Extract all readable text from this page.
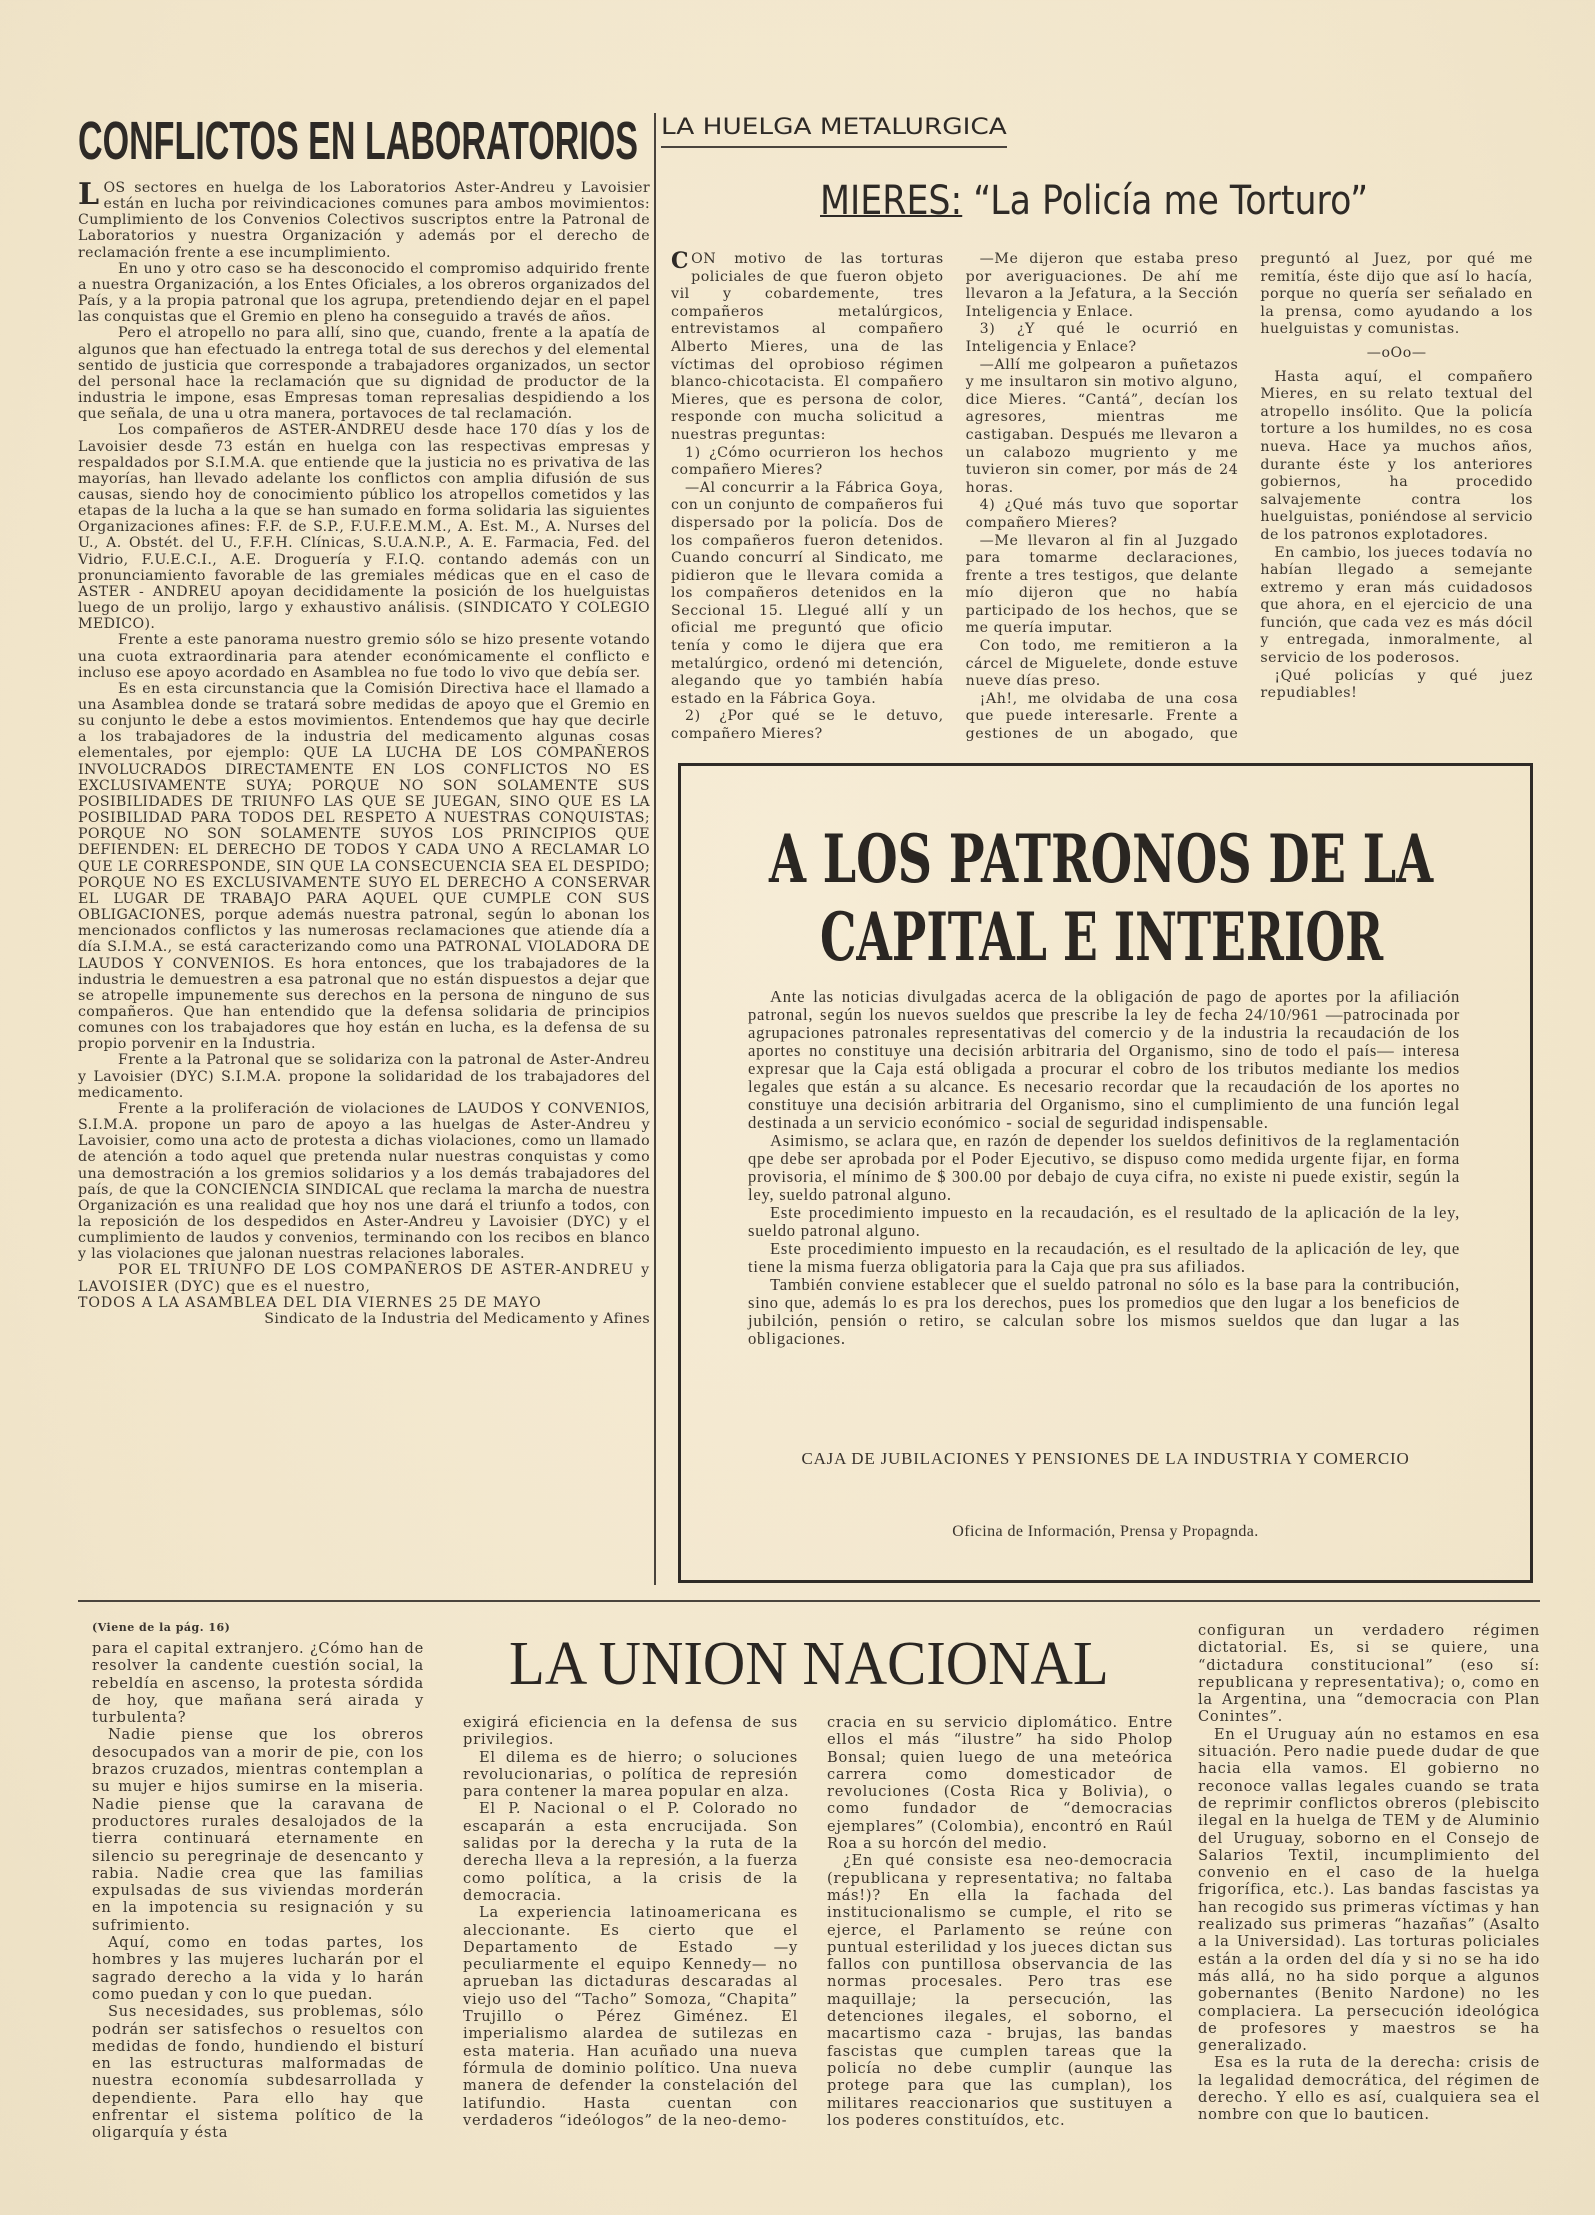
CONFLICTOS EN LABORATORIOS

LOS sectores en huelga de los Laboratorios Aster-Andreu y Lavoisier están en lucha por reivindicaciones comunes para ambos movimientos: Cumplimiento de los Convenios Colectivos suscriptos entre la Patronal de Laboratorios y nuestra Organización y además por el derecho de reclamación frente a ese incumplimiento.

En uno y otro caso se ha desconocido el compromiso adquirido frente a nuestra Organización, a los Entes Oficiales, a los obreros organizados del País, y a la propia patronal que los agrupa, pretendiendo dejar en el papel las conquistas que el Gremio en pleno ha conseguido a través de años.

Pero el atropello no para allí, sino que, cuando, frente a la apatía de algunos que han efectuado la entrega total de sus derechos y del elemental sentido de justicia que corresponde a trabajadores organizados, un sector del personal hace la reclamación que su dignidad de productor de la industria le impone, esas Empresas toman represalias despidiendo a los que señala, de una u otra manera, portavoces de tal reclamación.

Los compañeros de ASTER-ANDREU desde hace 170 días y los de Lavoisier desde 73 están en huelga con las respectivas empresas y respaldados por S.I.M.A. que entiende que la justicia no es privativa de las mayorías, han llevado adelante los conflictos con amplia difusión de sus causas, siendo hoy de conocimiento público los atropellos cometidos y las etapas de la lucha a la que se han sumado en forma solidaria las siguientes Organizaciones afines: F.F. de S.P., F.U.F.E.M.M., A. Est. M., A. Nurses del U., A. Obstét. del U., F.F.H. Clínicas, S.U.A.N.P., A. E. Farmacia, Fed. del Vidrio, F.U.E.C.I., A.E. Droguería y F.I.Q. contando además con un pronunciamiento favorable de las gremiales médicas que en el caso de ASTER - ANDREU apoyan decididamente la posición de los huelguistas luego de un prolijo, largo y exhaustivo análisis. (SINDICATO Y COLEGIO MEDICO).

Frente a este panorama nuestro gremio sólo se hizo presente votando una cuota extraordinaria para atender económicamente el conflicto e incluso ese apoyo acordado en Asamblea no fue todo lo vivo que debía ser.

Es en esta circunstancia que la Comisión Directiva hace el llamado a una Asamblea donde se tratará sobre medidas de apoyo que el Gremio en su conjunto le debe a estos movimientos. Entendemos que hay que decirle a los trabajadores de la industria del medicamento algunas cosas elementales, por ejemplo: QUE LA LUCHA DE LOS COMPAÑEROS INVOLUCRADOS DIRECTAMENTE EN LOS CONFLICTOS NO ES EXCLUSIVAMENTE SUYA; PORQUE NO SON SOLAMENTE SUS POSIBILIDADES DE TRIUNFO LAS QUE SE JUEGAN, SINO QUE ES LA POSIBILIDAD PARA TODOS DEL RESPETO A NUESTRAS CONQUISTAS; PORQUE NO SON SOLAMENTE SUYOS LOS PRINCIPIOS QUE DEFIENDEN: EL DERECHO DE TODOS Y CADA UNO A RECLAMAR LO QUE LE CORRESPONDE, SIN QUE LA CONSECUENCIA SEA EL DESPIDO; PORQUE NO ES EXCLUSIVAMENTE SUYO EL DERECHO A CONSERVAR EL LUGAR DE TRABAJO PARA AQUEL QUE CUMPLE CON SUS OBLIGACIONES, porque además nuestra patronal, según lo abonan los mencionados conflictos y las numerosas reclamaciones que atiende día a día S.I.M.A., se está caracterizando como una PATRONAL VIOLADORA DE LAUDOS Y CONVENIOS. Es hora entonces, que los trabajadores de la industria le demuestren a esa patronal que no están dispuestos a dejar que se atropelle impunemente sus derechos en la persona de ninguno de sus compañeros. Que han entendido que la defensa solidaria de principios comunes con los trabajadores que hoy están en lucha, es la defensa de su propio porvenir en la Industria.

Frente a la Patronal que se solidariza con la patronal de Aster-Andreu y Lavoisier (DYC) S.I.M.A. propone la solidaridad de los trabajadores del medicamento.

Frente a la proliferación de violaciones de LAUDOS Y CONVENIOS, S.I.M.A. propone un paro de apoyo a las huelgas de Aster-Andreu y Lavoisier, como una acto de protesta a dichas violaciones, como un llamado de atención a todo aquel que pretenda nular nuestras conquistas y como una demostración a los gremios solidarios y a los demás trabajadores del país, de que la CONCIENCIA SINDICAL que reclama la marcha de nuestra Organización es una realidad que hoy nos une dará el triunfo a todos, con la reposición de los despedidos en Aster-Andreu y Lavoisier (DYC) y el cumplimiento de laudos y convenios, terminando con los recibos en blanco y las violaciones que jalonan nuestras relaciones laborales.

POR EL TRIUNFO DE LOS COMPAÑEROS DE ASTER-ANDREU y LAVOISIER (DYC) que es el nuestro,

TODOS A LA ASAMBLEA DEL DIA VIERNES 25 DE MAYO

Sindicato de la Industria del Medicamento y Afines

LA HUELGA METALURGICA
MIERES: “La Policía me Torturo”

CON motivo de las torturas policiales de que fueron objeto vil y cobardemente, tres compañeros metalúrgicos, entrevistamos al compañero Alberto Mieres, una de las víctimas del oprobioso régimen blanco-chicotacista. El compañero Mieres, que es persona de color, responde con mucha solicitud a nuestras preguntas:

1) ¿Cómo ocurrieron los hechos compañero Mieres?

—Al concurrir a la Fábrica Goya, con un conjunto de compañeros fui dispersado por la policía. Dos de los compañeros fueron detenidos. Cuando concurrí al Sindicato, me pidieron que le llevara comida a los compañeros detenidos en la Seccional 15. Llegué allí y un oficial me preguntó que oficio tenía y como le dijera que era metalúrgico, ordenó mi detención, alegando que yo también había estado en la Fábrica Goya.

2) ¿Por qué se le detuvo, compañero Mieres?

—Me dijeron que estaba preso por averiguaciones. De ahí me llevaron a la Jefatura, a la Sección Inteligencia y Enlace.

3) ¿Y qué le ocurrió en Inteligencia y Enlace?

—Allí me golpearon a puñetazos y me insultaron sin motivo alguno, dice Mieres. “Cantá”, decían los agresores, mientras me castigaban. Después me llevaron a un calabozo mugriento y me tuvieron sin comer, por más de 24 horas.

4) ¿Qué más tuvo que soportar compañero Mieres?

—Me llevaron al fin al Juzgado para tomarme declaraciones, frente a tres testigos, que delante mío dijeron que no había participado de los hechos, que se me quería imputar.

Con todo, me remitieron a la cárcel de Miguelete, donde estuve nueve días preso.

¡Ah!, me olvidaba de una cosa que puede interesarle. Frente a gestiones de un abogado, que preguntó al Juez, por qué me remitía, éste dijo que así lo hacía, porque no quería ser señalado en la prensa, como ayudando a los huelguistas y comunistas.

—oOo—

Hasta aquí, el compañero Mieres, en su relato textual del atropello insólito. Que la policía torture a los humildes, no es cosa nueva. Hace ya muchos años, durante éste y los anteriores gobiernos, ha procedido salvajemente contra los huelguistas, poniéndose al servicio de los patronos explotadores.

En cambio, los jueces todavía no habían llegado a semejante extremo y eran más cuidadosos que ahora, en el ejercicio de una función, que cada vez es más dócil y entregada, inmoralmente, al servicio de los poderosos.

¡Qué policías y qué juez repudiables!

A LOS PATRONOS DE LA
CAPITAL E INTERIOR

Ante las noticias divulgadas acerca de la obligación de pago de aportes por la afiliación patronal, según los nuevos sueldos que prescribe la ley de fecha 24/10/961 —patrocinada por agrupaciones patronales representativas del comercio y de la industria la recaudación de los aportes no constituye una decisión arbitraria del Organismo, sino de todo el país— interesa expresar que la Caja está obligada a procurar el cobro de los tributos mediante los medios legales que están a su alcance. Es necesario recordar que la recaudación de los aportes no constituye una decisión arbitraria del Organismo, sino el cumplimiento de una función legal destinada a un servicio económico - social de seguridad indispensable.

Asimismo, se aclara que, en razón de depender los sueldos definitivos de la reglamentación qpe debe ser aprobada por el Poder Ejecutivo, se dispuso como medida urgente fijar, en forma provisoria, el mínimo de $ 300.00 por debajo de cuya cifra, no existe ni puede existir, según la ley, sueldo patronal alguno.

Este procedimiento impuesto en la recaudación, es el resultado de la aplicación de la ley, sueldo patronal alguno.

Este procedimiento impuesto en la recaudación, es el resultado de la aplicación de ley, que tiene la misma fuerza obligatoria para la Caja que pra sus afiliados.

También conviene establecer que el sueldo patronal no sólo es la base para la contribución, sino que, además lo es pra los derechos, pues los promedios que den lugar a los beneficios de jubilción, pensión o retiro, se calculan sobre los mismos sueldos que dan lugar a las obligaciones.

CAJA DE JUBILACIONES Y PENSIONES DE LA INDUSTRIA Y COMERCIO
Oficina de Información, Prensa y Propagnda.
(Viene de la pág. 16)
LA UNION NACIONAL

para el capital extranjero. ¿Cómo han de resolver la candente cuestión social, la rebeldía en ascenso, la protesta sórdida de hoy, que mañana será airada y turbulenta?

Nadie piense que los obreros desocupados van a morir de pie, con los brazos cruzados, mientras contemplan a su mujer e hijos sumirse en la miseria. Nadie piense que la caravana de productores rurales desalojados de la tierra continuará eternamente en silencio su peregrinaje de desencanto y rabia. Nadie crea que las familias expulsadas de sus viviendas morderán en la impotencia su resignación y su sufrimiento.

Aquí, como en todas partes, los hombres y las mujeres lucharán por el sagrado derecho a la vida y lo harán como puedan y con lo que puedan.

Sus necesidades, sus problemas, sólo podrán ser satisfechos o resueltos con medidas de fondo, hundiendo el bisturí en las estructuras malformadas de nuestra economía subdesarrollada y dependiente. Para ello hay que enfrentar el sistema político de la oligarquía y ésta

exigirá eficiencia en la defensa de sus privilegios.

El dilema es de hierro; o soluciones revolucionarias, o política de represión para contener la marea popular en alza.

El P. Nacional o el P. Colorado no escaparán a esta encrucijada. Son salidas por la derecha y la ruta de la derecha lleva a la represión, a la fuerza como política, a la crisis de la democracia.

La experiencia latinoamericana es aleccionante. Es cierto que el Departamento de Estado —y peculiarmente el equipo Kennedy— no aprueban las dictaduras descaradas al viejo uso del “Tacho” Somoza, “Chapita” Trujillo o Pérez Giménez. El imperialismo alardea de sutilezas en esta materia. Han acuñado una nueva fórmula de dominio político. Una nueva manera de defender la constelación del latifundio. Hasta cuentan con verdaderos “ideólogos” de la neo-demo-

cracia en su servicio diplomático. Entre ellos el más “ilustre” ha sido Pholop Bonsal; quien luego de una meteórica carrera como domesticador de revoluciones (Costa Rica y Bolivia), o como fundador de “democracias ejemplares” (Colombia), encontró en Raúl Roa a su horcón del medio.

¿En qué consiste esa neo-democracia (republicana y representativa; no faltaba más!)? En ella la fachada del institucionalismo se cumple, el rito se ejerce, el Parlamento se reúne con puntual esterilidad y los jueces dictan sus fallos con puntillosa observancia de las normas procesales. Pero tras ese maquillaje; la persecución, las detenciones ilegales, el soborno, el macartismo caza - brujas, las bandas fascistas que cumplen tareas que la policía no debe cumplir (aunque las protege para que las cumplan), los militares reaccionarios que sustituyen a los poderes constituídos, etc.

configuran un verdadero régimen dictatorial. Es, si se quiere, una “dictadura constitucional” (eso sí: republicana y representativa); o, como en la Argentina, una “democracia con Plan Conintes”.

En el Uruguay aún no estamos en esa situación. Pero nadie puede dudar de que hacia ella vamos. El gobierno no reconoce vallas legales cuando se trata de reprimir conflictos obreros (plebiscito ilegal en la huelga de TEM y de Aluminio del Uruguay, soborno en el Consejo de Salarios Textil, incumplimiento del convenio en el caso de la huelga frigorífica, etc.). Las bandas fascistas ya han recogido sus primeras víctimas y han realizado sus primeras “hazañas” (Asalto a la Universidad). Las torturas policiales están a la orden del día y si no se ha ido más allá, no ha sido porque a algunos gobernantes (Benito Nardone) no les complaciera. La persecución ideológica de profesores y maestros se ha generalizado.

Esa es la ruta de la derecha: crisis de la legalidad democrática, del régimen de derecho. Y ello es así, cualquiera sea el nombre con que lo bauticen.
